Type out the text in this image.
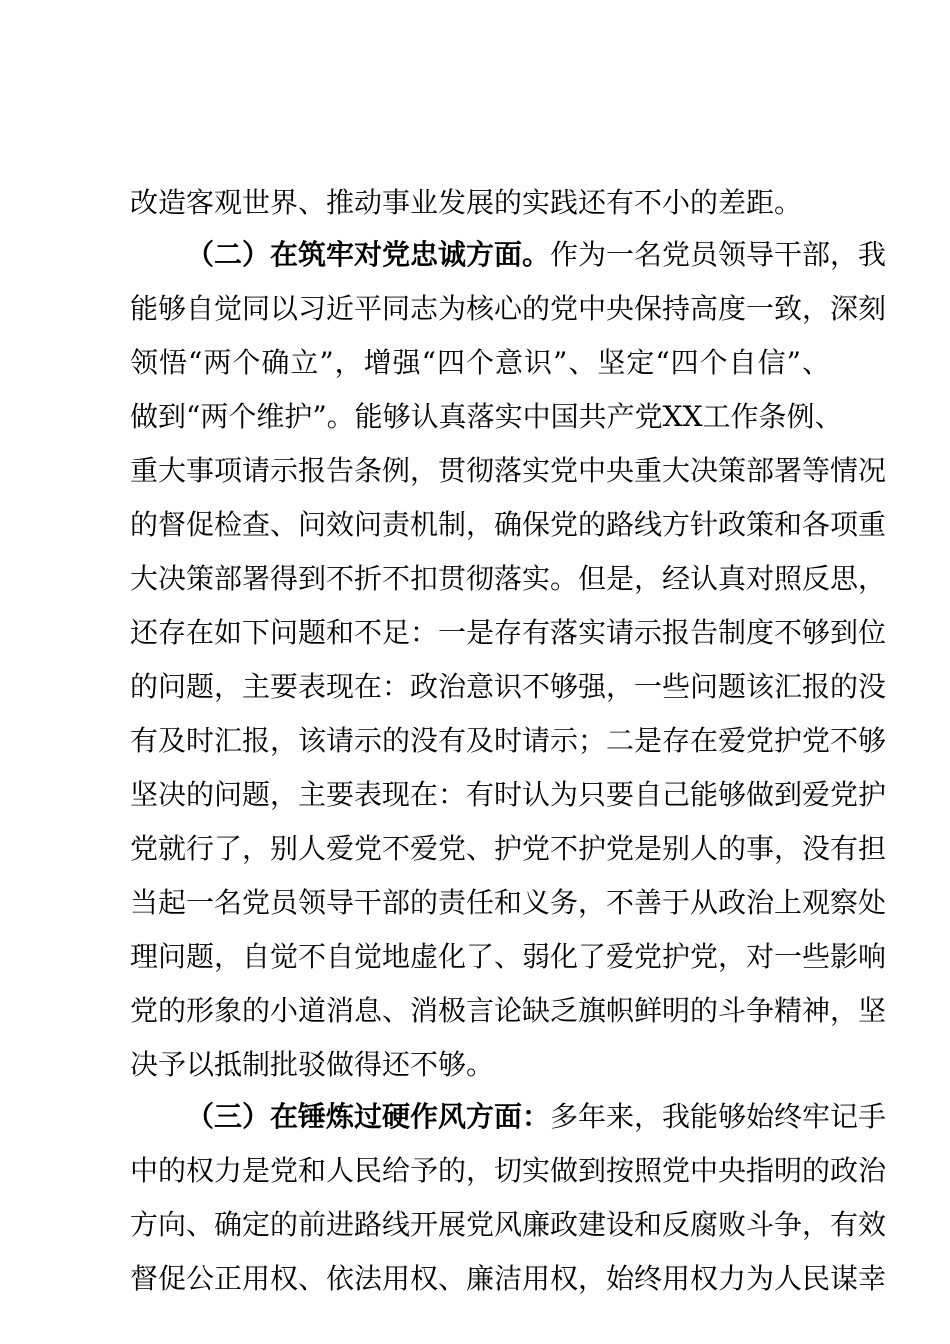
改造客观世界、推动事业发展的实践还有不小的差距。
（二）在筑牢对党忠诚方面。作为一名党员领导干部，我
能够自觉同以习近平同志为核心的党中央保持高度一致，深刻
领悟“两个确立”，增强“四个意识”、坚定“四个自信”、
做到“两个维护”。能够认真落实中国共产党XX工作条例、
重大事项请示报告条例，贯彻落实党中央重大决策部署等情况
的督促检查、问效问责机制，确保党的路线方针政策和各项重
大决策部署得到不折不扣贯彻落实。但是，经认真对照反思，
还存在如下问题和不足：一是存有落实请示报告制度不够到位
的问题，主要表现在：政治意识不够强，一些问题该汇报的没
有及时汇报，该请示的没有及时请示；二是存在爱党护党不够
坚决的问题，主要表现在：有时认为只要自己能够做到爱党护
党就行了，别人爱党不爱党、护党不护党是别人的事，没有担
当起一名党员领导干部的责任和义务，不善于从政治上观察处
理问题，自觉不自觉地虚化了、弱化了爱党护党，对一些影响
党的形象的小道消息、消极言论缺乏旗帜鲜明的斗争精神，坚
决予以抵制批驳做得还不够。
（三）在锤炼过硬作风方面：多年来，我能够始终牢记手
中的权力是党和人民给予的，切实做到按照党中央指明的政治
方向、确定的前进路线开展党风廉政建设和反腐败斗争，有效
督促公正用权、依法用权、廉洁用权，始终用权力为人民谋幸
